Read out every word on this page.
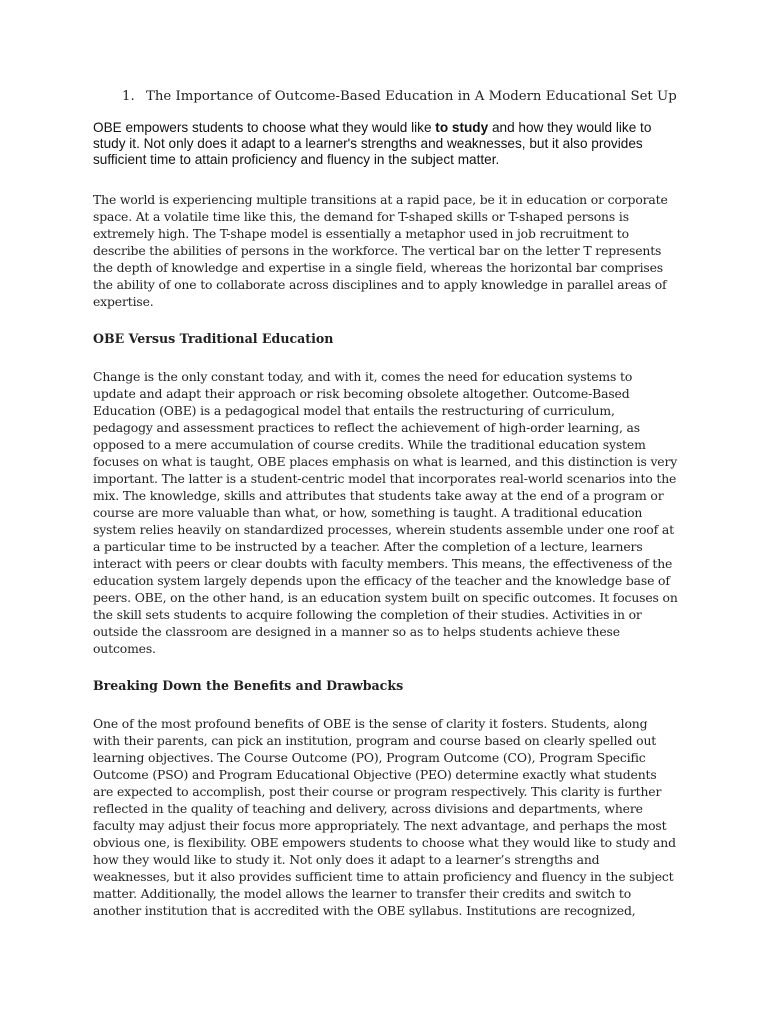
1. The Importance of Outcome-Based Education in A Modern Educational Set Up

OBE empowers students to choose what they would like to study and how they would like to study it. Not only does it adapt to a learner's strengths and weaknesses, but it also provides sufficient time to attain proficiency and fluency in the subject matter.

The world is experiencing multiple transitions at a rapid pace, be it in education or corporate space. At a volatile time like this, the demand for T-shaped skills or T-shaped persons is extremely high. The T-shape model is essentially a metaphor used in job recruitment to describe the abilities of persons in the workforce. The vertical bar on the letter T represents the depth of knowledge and expertise in a single field, whereas the horizontal bar comprises the ability of one to collaborate across disciplines and to apply knowledge in parallel areas of expertise.

OBE Versus Traditional Education

Change is the only constant today, and with it, comes the need for education systems to update and adapt their approach or risk becoming obsolete altogether. Outcome-Based Education (OBE) is a pedagogical model that entails the restructuring of curriculum, pedagogy and assessment practices to reflect the achievement of high-order learning, as opposed to a mere accumulation of course credits. While the traditional education system focuses on what is taught, OBE places emphasis on what is learned, and this distinction is very important. The latter is a student-centric model that incorporates real-world scenarios into the mix. The knowledge, skills and attributes that students take away at the end of a program or course are more valuable than what, or how, something is taught. A traditional education system relies heavily on standardized processes, wherein students assemble under one roof at a particular time to be instructed by a teacher. After the completion of a lecture, learners interact with peers or clear doubts with faculty members. This means, the effectiveness of the education system largely depends upon the efficacy of the teacher and the knowledge base of peers. OBE, on the other hand, is an education system built on specific outcomes. It focuses on the skill sets students to acquire following the completion of their studies. Activities in or outside the classroom are designed in a manner so as to helps students achieve these outcomes.

Breaking Down the Benefits and Drawbacks

One of the most profound benefits of OBE is the sense of clarity it fosters. Students, along with their parents, can pick an institution, program and course based on clearly spelled out learning objectives. The Course Outcome (PO), Program Outcome (CO), Program Specific Outcome (PSO) and Program Educational Objective (PEO) determine exactly what students are expected to accomplish, post their course or program respectively. This clarity is further reflected in the quality of teaching and delivery, across divisions and departments, where faculty may adjust their focus more appropriately. The next advantage, and perhaps the most obvious one, is flexibility. OBE empowers students to choose what they would like to study and how they would like to study it. Not only does it adapt to a learner’s strengths and weaknesses, but it also provides sufficient time to attain proficiency and fluency in the subject matter. Additionally, the model allows the learner to transfer their credits and switch to another institution that is accredited with the OBE syllabus. Institutions are recognized,
